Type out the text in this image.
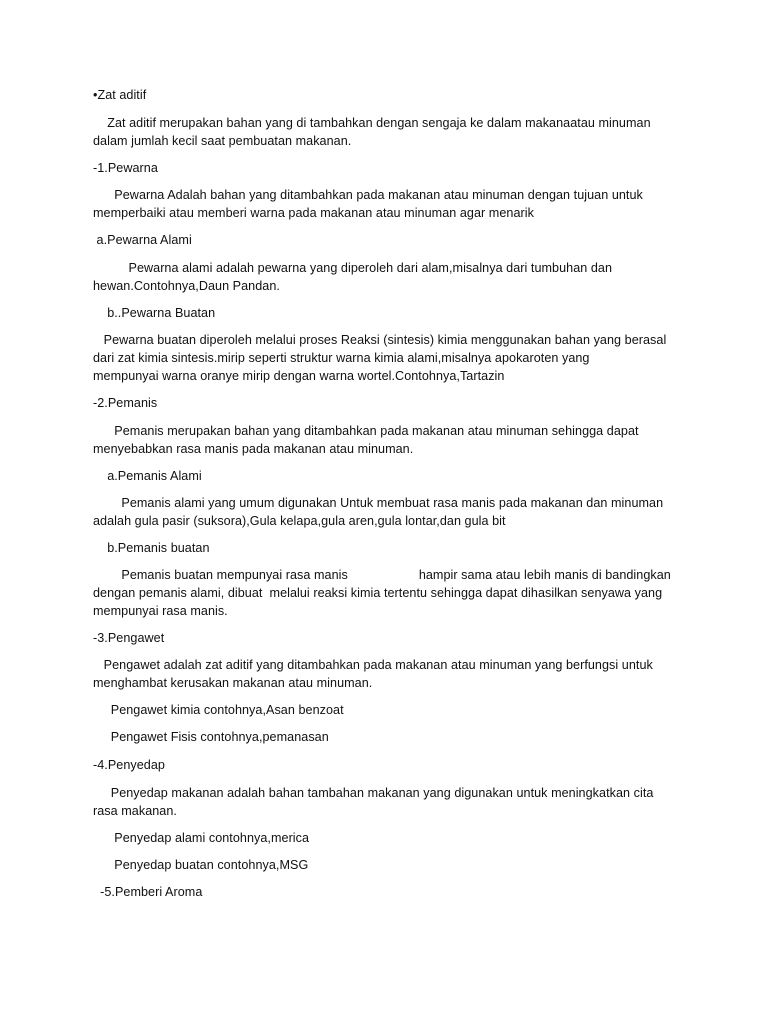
•Zat aditif
Zat aditif merupakan bahan yang di tambahkan dengan sengaja ke dalam makanaatau minuman
dalam jumlah kecil saat pembuatan makanan.
-1.Pewarna
Pewarna Adalah bahan yang ditambahkan pada makanan atau minuman dengan tujuan untuk
memperbaiki atau memberi warna pada makanan atau minuman agar menarik
a.Pewarna Alami
Pewarna alami adalah pewarna yang diperoleh dari alam,misalnya dari tumbuhan dan
hewan.Contohnya,Daun Pandan.
b..Pewarna Buatan
Pewarna buatan diperoleh melalui proses Reaksi (sintesis) kimia menggunakan bahan yang berasal
dari zat kimia sintesis.mirip seperti struktur warna kimia alami,misalnya apokaroten yang
mempunyai warna oranye mirip dengan warna wortel.Contohnya,Tartazin
-2.Pemanis
Pemanis merupakan bahan yang ditambahkan pada makanan atau minuman sehingga dapat
menyebabkan rasa manis pada makanan atau minuman.
a.Pemanis Alami
Pemanis alami yang umum digunakan Untuk membuat rasa manis pada makanan dan minuman
adalah gula pasir (suksora),Gula kelapa,gula aren,gula lontar,dan gula bit
b.Pemanis buatan
Pemanis buatan mempunyai rasa manis                    hampir sama atau lebih manis di bandingkan
dengan pemanis alami, dibuat  melalui reaksi kimia tertentu sehingga dapat dihasilkan senyawa yang
mempunyai rasa manis.
-3.Pengawet
Pengawet adalah zat aditif yang ditambahkan pada makanan atau minuman yang berfungsi untuk
menghambat kerusakan makanan atau minuman.
Pengawet kimia contohnya,Asan benzoat
Pengawet Fisis contohnya,pemanasan
-4.Penyedap
Penyedap makanan adalah bahan tambahan makanan yang digunakan untuk meningkatkan cita
rasa makanan.
Penyedap alami contohnya,merica
Penyedap buatan contohnya,MSG
-5.Pemberi Aroma
